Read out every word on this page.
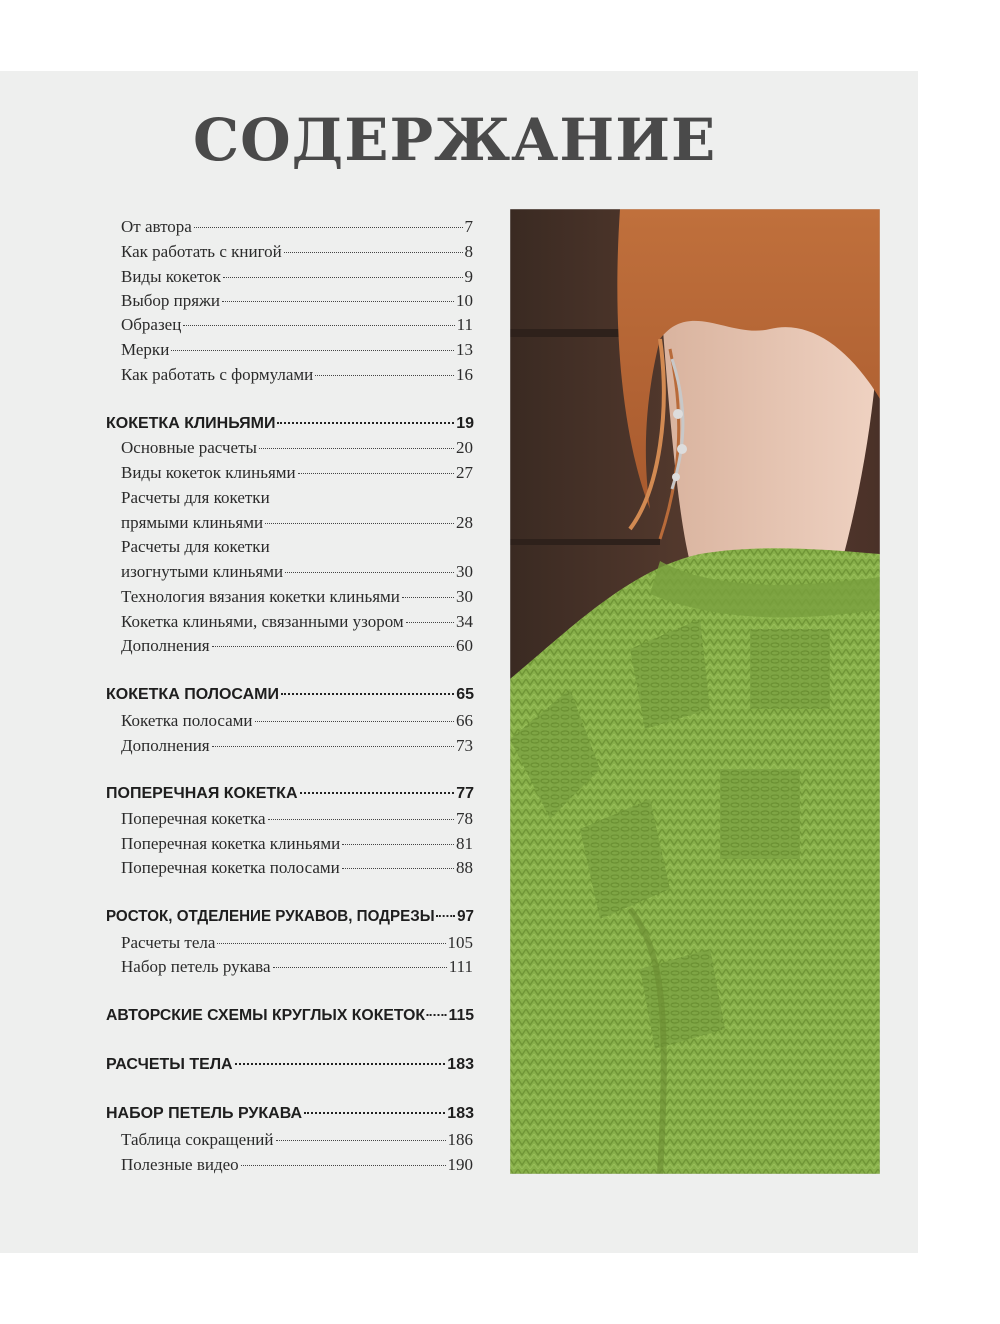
СОДЕРЖАНИЕ
От автора	7
Как работать с книгой	8
Виды кокеток	9
Выбор пряжи	10
Образец	11
Мерки	13
Как работать с формулами	16
КОКЕТКА КЛИНЬЯМИ	19
Основные расчеты	20
Виды кокеток клиньями	27
Расчеты для кокетки
прямыми клиньями	28
Расчеты для кокетки
изогнутыми клиньями	30
Технология вязания кокетки клиньями	30
Кокетка клиньями, связанными узором	34
Дополнения	60
КОКЕТКА ПОЛОСАМИ	65
Кокетка полосами	66
Дополнения	73
ПОПЕРЕЧНАЯ КОКЕТКА	77
Поперечная кокетка	78
Поперечная кокетка клиньями	81
Поперечная кокетка полосами	88
РОСТОК, ОТДЕЛЕНИЕ РУКАВОВ, ПОДРЕЗЫ 97
Расчеты тела	105
Набор петель рукава	111
АВТОРСКИЕ СХЕМЫ КРУГЛЫХ КОКЕТОК 115
РАСЧЕТЫ ТЕЛА	183
НАБОР ПЕТЕЛЬ РУКАВА	183
Таблица сокращений	186
Полезные видео	190
